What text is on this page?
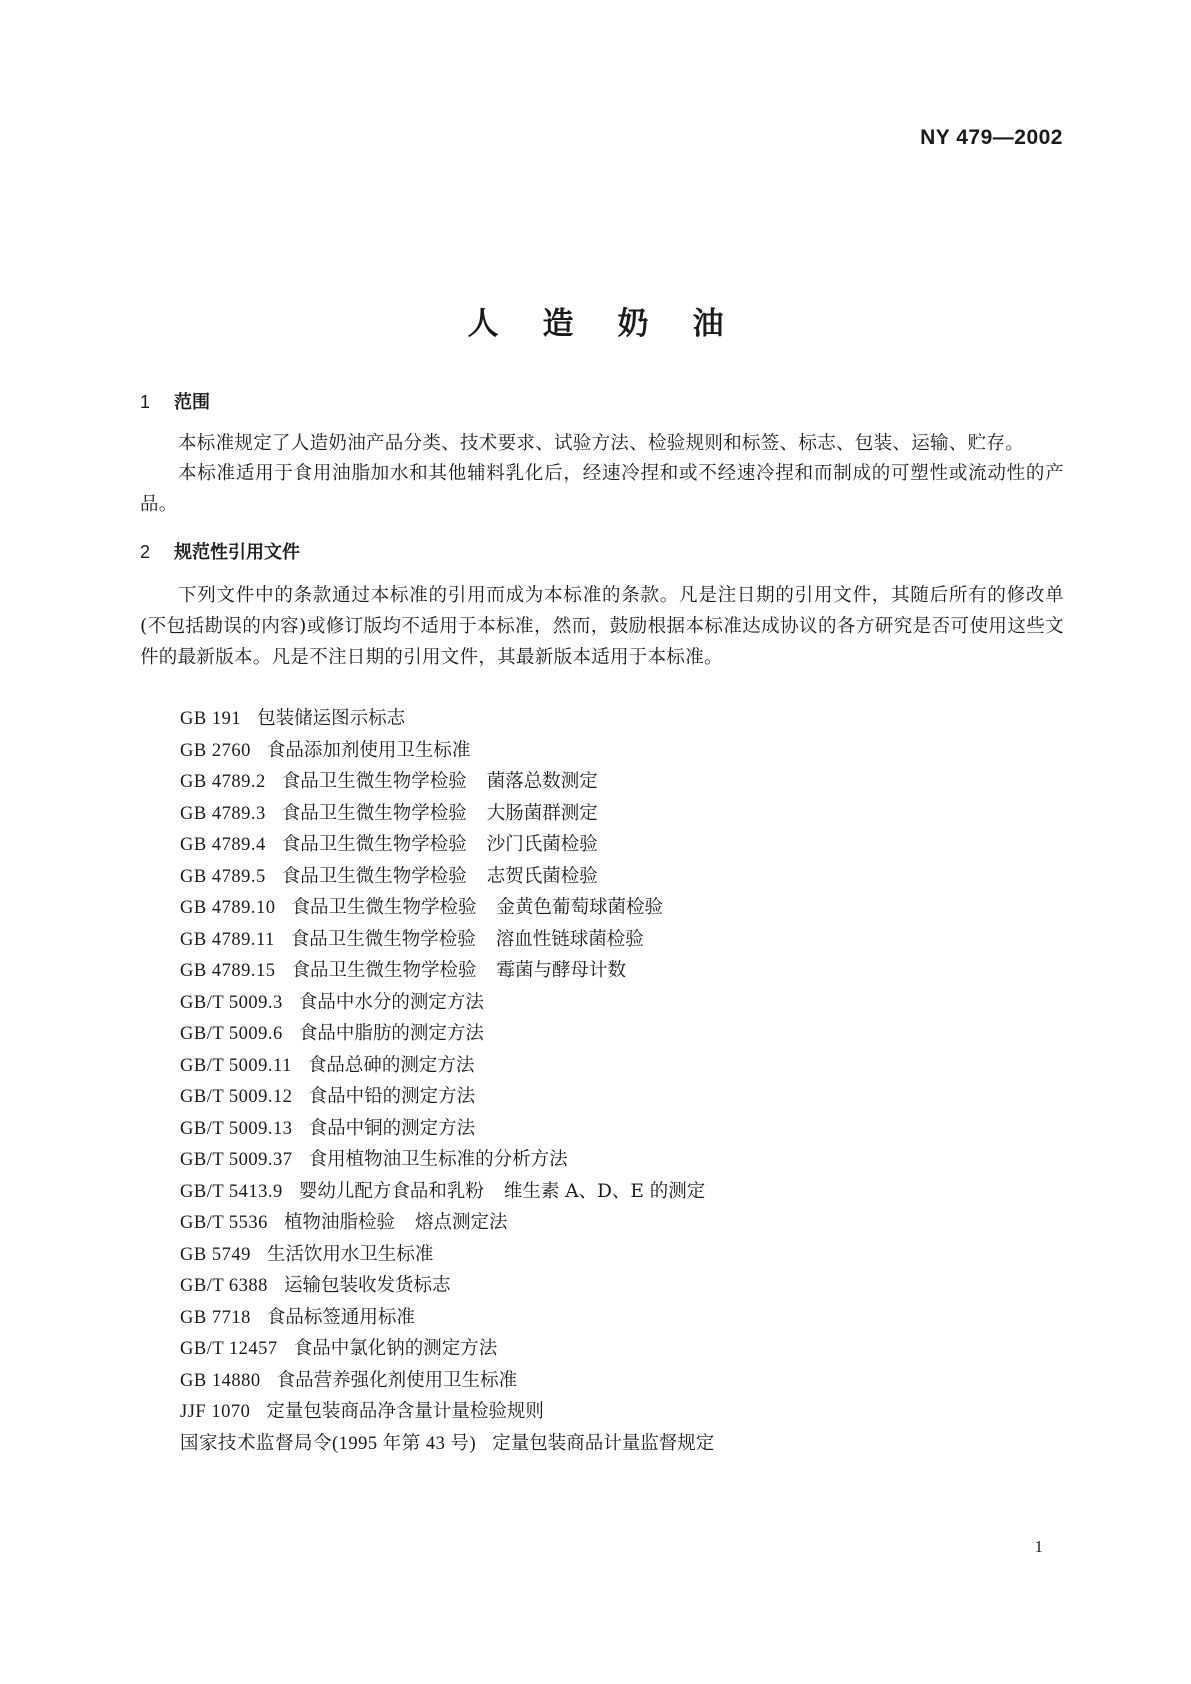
NY 479—2002
人 造 奶 油
1 范围
本标准规定了人造奶油产品分类、技术要求、试验方法、检验规则和标签、标志、包装、运输、贮存。
本标准适用于食用油脂加水和其他辅料乳化后，经速冷捏和或不经速冷捏和而制成的可塑性或流动性的产品。
2 规范性引用文件
下列文件中的条款通过本标准的引用而成为本标准的条款。凡是注日期的引用文件，其随后所有的修改单(不包括勘误的内容)或修订版均不适用于本标准，然而，鼓励根据本标准达成协议的各方研究是否可使用这些文件的最新版本。凡是不注日期的引用文件，其最新版本适用于本标准。
GB 191 包装储运图示标志
GB 2760 食品添加剂使用卫生标准
GB 4789.2 食品卫生微生物学检验 菌落总数测定
GB 4789.3 食品卫生微生物学检验 大肠菌群测定
GB 4789.4 食品卫生微生物学检验 沙门氏菌检验
GB 4789.5 食品卫生微生物学检验 志贺氏菌检验
GB 4789.10 食品卫生微生物学检验 金黄色葡萄球菌检验
GB 4789.11 食品卫生微生物学检验 溶血性链球菌检验
GB 4789.15 食品卫生微生物学检验 霉菌与酵母计数
GB/T 5009.3 食品中水分的测定方法
GB/T 5009.6 食品中脂肪的测定方法
GB/T 5009.11 食品总砷的测定方法
GB/T 5009.12 食品中铅的测定方法
GB/T 5009.13 食品中铜的测定方法
GB/T 5009.37 食用植物油卫生标准的分析方法
GB/T 5413.9 婴幼儿配方食品和乳粉 维生素 A、D、E 的测定
GB/T 5536 植物油脂检验 熔点测定法
GB 5749 生活饮用水卫生标准
GB/T 6388 运输包装收发货标志
GB 7718 食品标签通用标准
GB/T 12457 食品中氯化钠的测定方法
GB 14880 食品营养强化剂使用卫生标准
JJF 1070 定量包装商品净含量计量检验规则
国家技术监督局令(1995 年第 43 号) 定量包装商品计量监督规定
1
